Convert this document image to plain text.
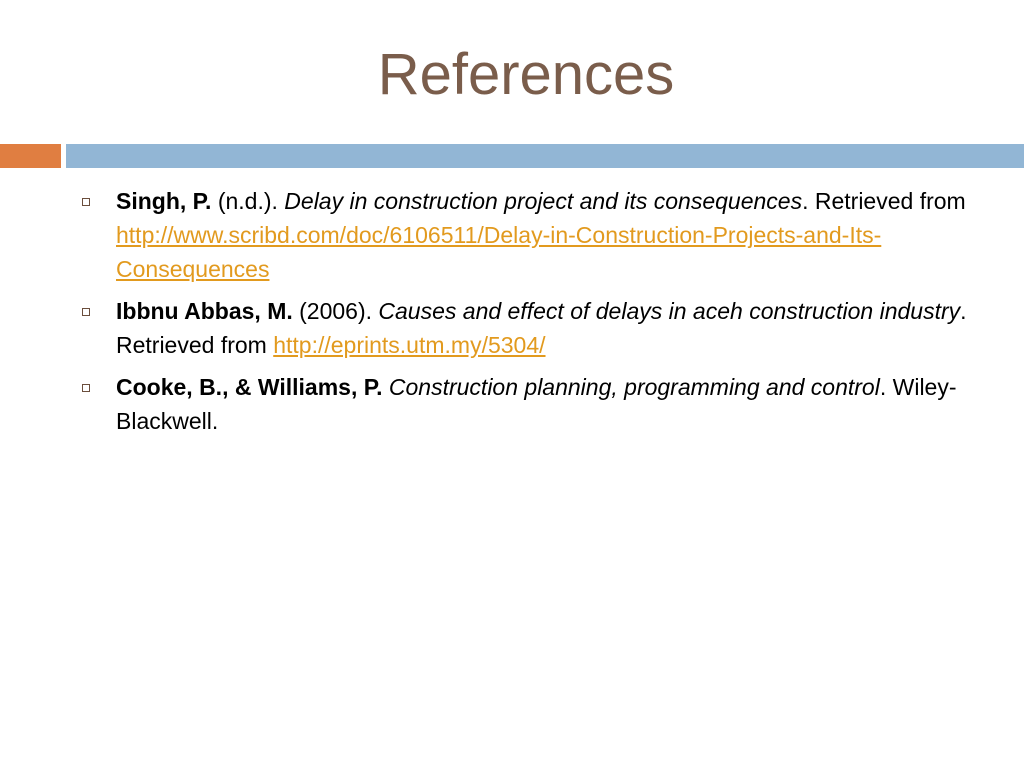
References
Singh, P. (n.d.). Delay in construction project and its consequences. Retrieved from http://www.scribd.com/doc/6106511/Delay-in-Construction-Projects-and-Its-Consequences
Ibbnu Abbas, M. (2006). Causes and effect of delays in aceh construction industry. Retrieved from http://eprints.utm.my/5304/
Cooke, B., & Williams, P. Construction planning, programming and control. Wiley-Blackwell.
